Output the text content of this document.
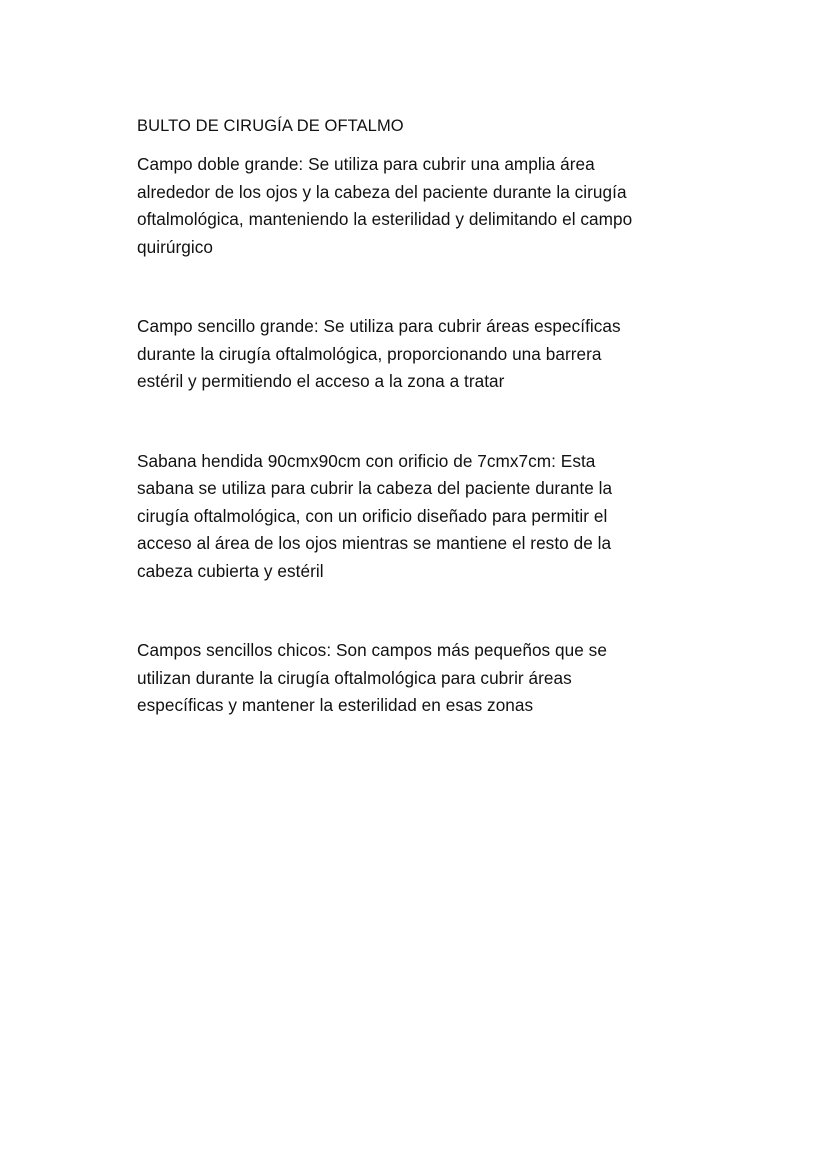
BULTO DE CIRUGÍA DE OFTALMO

Campo doble grande: Se utiliza para cubrir una amplia área
alrededor de los ojos y la cabeza del paciente durante la cirugía
oftalmológica, manteniendo la esterilidad y delimitando el campo
quirúrgico

Campo sencillo grande: Se utiliza para cubrir áreas específicas
durante la cirugía oftalmológica, proporcionando una barrera
estéril y permitiendo el acceso a la zona a tratar

Sabana hendida 90cmx90cm con orificio de 7cmx7cm: Esta
sabana se utiliza para cubrir la cabeza del paciente durante la
cirugía oftalmológica, con un orificio diseñado para permitir el
acceso al área de los ojos mientras se mantiene el resto de la
cabeza cubierta y estéril

Campos sencillos chicos: Son campos más pequeños que se
utilizan durante la cirugía oftalmológica para cubrir áreas
específicas y mantener la esterilidad en esas zonas
